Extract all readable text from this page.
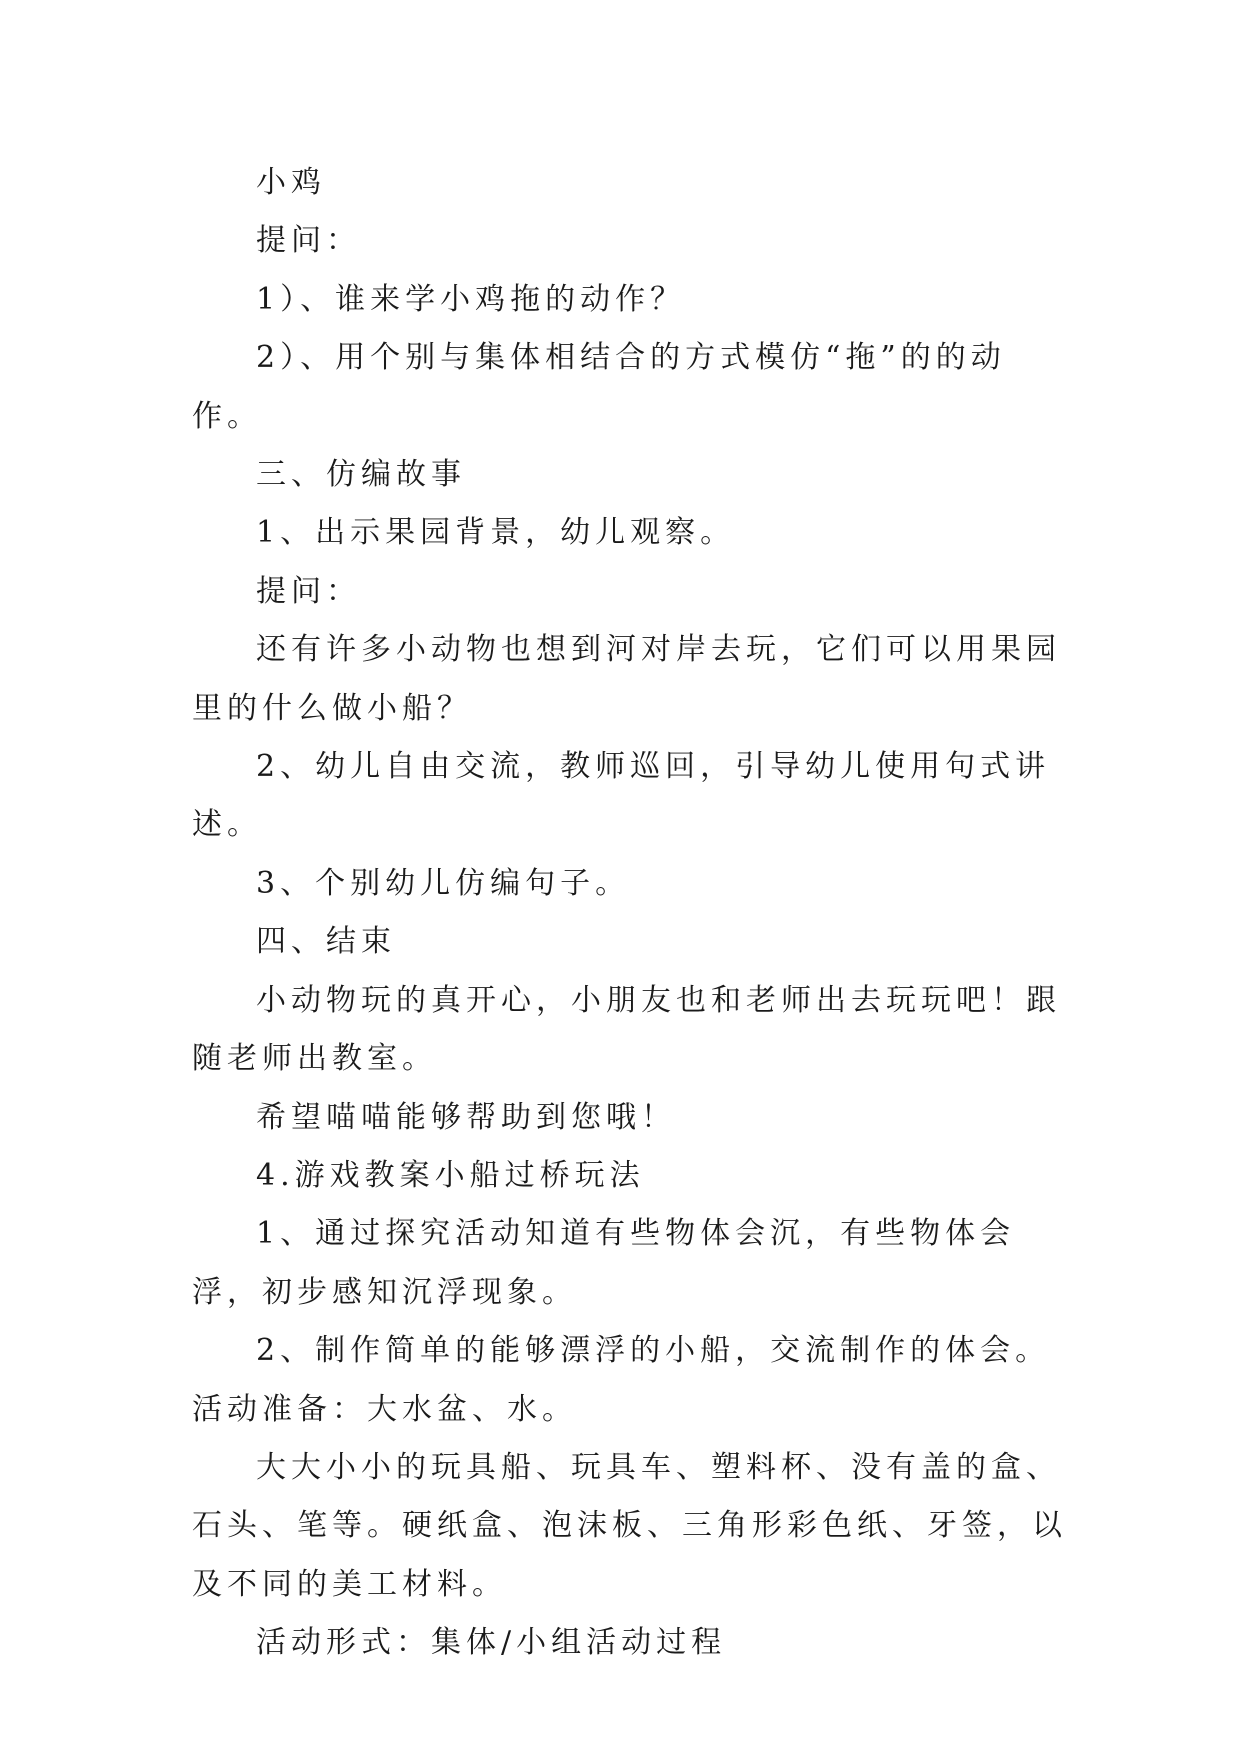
小鸡

提问：

1）、谁来学小鸡拖的动作？

2）、用个别与集体相结合的方式模仿“拖”的的动作。

三、仿编故事

1、出示果园背景，幼儿观察。

提问：

还有许多小动物也想到河对岸去玩，它们可以用果园里的什么做小船？

2、幼儿自由交流，教师巡回，引导幼儿使用句式讲述。

3、个别幼儿仿编句子。

四、结束

小动物玩的真开心，小朋友也和老师出去玩玩吧！跟随老师出教室。

希望喵喵能够帮助到您哦！

4.游戏教案小船过桥玩法

1、通过探究活动知道有些物体会沉，有些物体会浮，初步感知沉浮现象。

2、制作简单的能够漂浮的小船，交流制作的体会。活动准备：大水盆、水。

大大小小的玩具船、玩具车、塑料杯、没有盖的盒、石头、笔等。硬纸盒、泡沫板、三角形彩色纸、牙签，以及不同的美工材料。

活动形式：集体/小组活动过程
